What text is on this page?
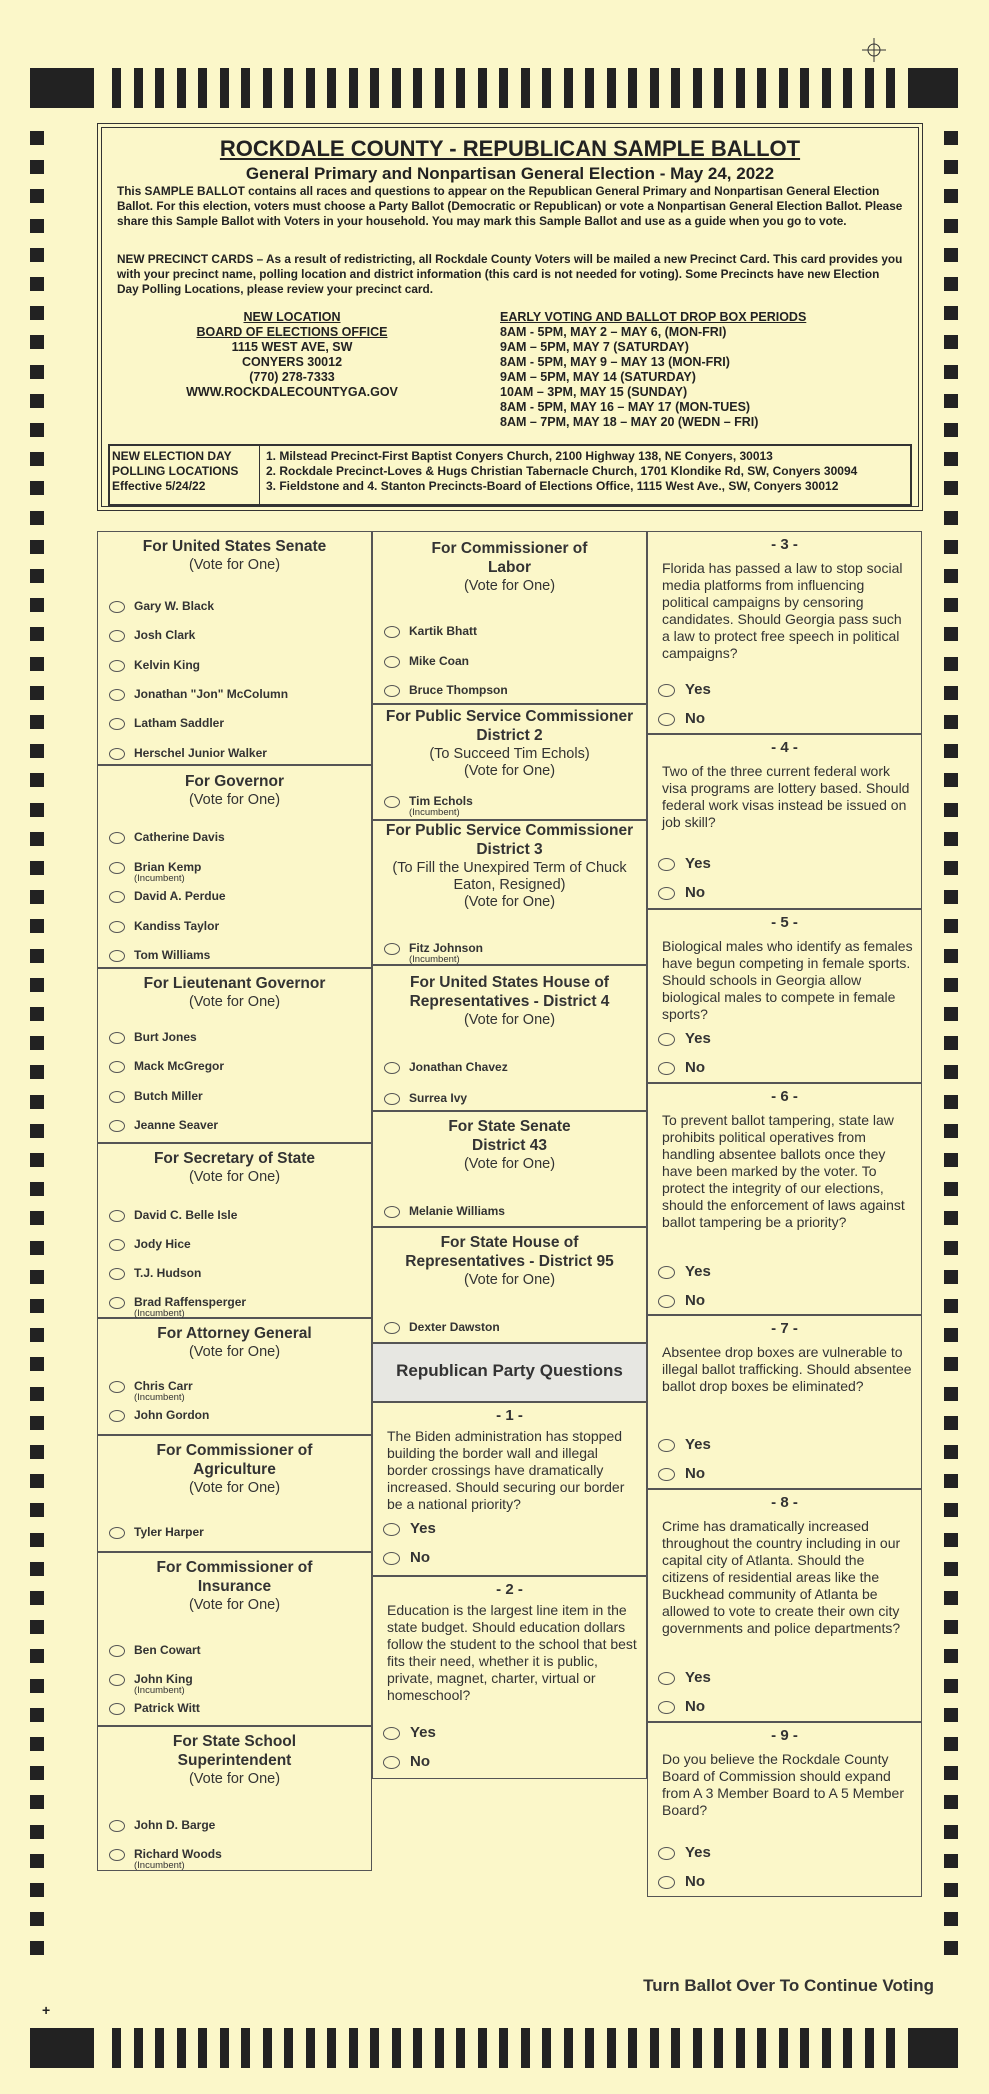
+
ROCKDALE COUNTY - REPUBLICAN SAMPLE BALLOT
General Primary and Nonpartisan General Election - May 24, 2022
This SAMPLE BALLOT contains all races and questions to appear on the Republican General Primary and Nonpartisan General Election Ballot. For this election, voters must choose a Party Ballot (Democratic or Republican) or vote a Nonpartisan General Election Ballot. Please share this Sample Ballot with Voters in your household. You may mark this Sample Ballot and use as a guide when you go to vote.
NEW PRECINCT CARDS – As a result of redistricting, all Rockdale County Voters will be mailed a new Precinct Card. This card provides you with your precinct name, polling location and district information (this card is not needed for voting). Some Precincts have new Election Day Polling Locations, please review your precinct card.
NEW LOCATION
BOARD OF ELECTIONS OFFICE
1115 WEST AVE, SW
CONYERS 30012
(770) 278-7333
WWW.ROCKDALECOUNTYGA.GOV
EARLY VOTING AND BALLOT DROP BOX PERIODS
8AM - 5PM, MAY 2 – MAY 6, (MON-FRI)
9AM – 5PM, MAY 7 (SATURDAY)
8AM - 5PM, MAY 9 – MAY 13 (MON-FRI)
9AM – 5PM, MAY 14 (SATURDAY)
10AM – 3PM, MAY 15 (SUNDAY)
8AM - 5PM, MAY 16 – MAY 17 (MON-TUES)
8AM – 7PM, MAY 18 – MAY 20 (WEDN – FRI)
NEW ELECTION DAY
POLLING LOCATIONS
Effective 5/24/22
1. Milstead Precinct-First Baptist Conyers Church, 2100 Highway 138, NE Conyers, 30013
2. Rockdale Precinct-Loves & Hugs Christian Tabernacle Church, 1701 Klondike Rd, SW, Conyers 30094
3. Fieldstone and 4. Stanton Precincts-Board of Elections Office, 1115 West Ave., SW, Conyers 30012
For United States Senate
(Vote for One)
Gary W. Black
Josh Clark
Kelvin King
Jonathan "Jon" McColumn
Latham Saddler
Herschel Junior Walker
For Governor
(Vote for One)
Catherine Davis
Brian Kemp
(Incumbent)
David A. Perdue
Kandiss Taylor
Tom Williams
For Lieutenant Governor
(Vote for One)
Burt Jones
Mack McGregor
Butch Miller
Jeanne Seaver
For Secretary of State
(Vote for One)
David C. Belle Isle
Jody Hice
T.J. Hudson
Brad Raffensperger
(Incumbent)
For Attorney General
(Vote for One)
Chris Carr
(Incumbent)
John Gordon
For Commissioner of
Agriculture
(Vote for One)
Tyler Harper
For Commissioner of
Insurance
(Vote for One)
Ben Cowart
John King
(Incumbent)
Patrick Witt
For State School
Superintendent
(Vote for One)
John D. Barge
Richard Woods
(Incumbent)
For Commissioner of
Labor
(Vote for One)
Kartik Bhatt
Mike Coan
Bruce Thompson
For Public Service Commissioner
District 2
(To Succeed Tim Echols)
(Vote for One)
Tim Echols
(Incumbent)
For Public Service Commissioner
District 3
(To Fill the Unexpired Term of Chuck
Eaton, Resigned)
(Vote for One)
Fitz Johnson
(Incumbent)
For United States House of
Representatives - District 4
(Vote for One)
Jonathan Chavez
Surrea Ivy
For State Senate
District 43
(Vote for One)
Melanie Williams
For State House of
Representatives - District 95
(Vote for One)
Dexter Dawston
Republican Party Questions
- 1 -
The Biden administration has stopped building the border wall and illegal border crossings have dramatically increased. Should securing our border be a national priority?
Yes
No
- 2 -
Education is the largest line item in the state budget. Should education dollars follow the student to the school that best fits their need, whether it is public, private, magnet, charter, virtual or homeschool?
Yes
No
- 3 -
Florida has passed a law to stop social media platforms from influencing political campaigns by censoring candidates. Should Georgia pass such a law to protect free speech in political campaigns?
Yes
No
- 4 -
Two of the three current federal work visa programs are lottery based. Should federal work visas instead be issued on job skill?
Yes
No
- 5 -
Biological males who identify as females have begun competing in female sports. Should schools in Georgia allow biological males to compete in female sports?
Yes
No
- 6 -
To prevent ballot tampering, state law prohibits political operatives from handling absentee ballots once they have been marked by the voter. To protect the integrity of our elections, should the enforcement of laws against ballot tampering be a priority?
Yes
No
- 7 -
Absentee drop boxes are vulnerable to illegal ballot trafficking. Should absentee ballot drop boxes be eliminated?
Yes
No
- 8 -
Crime has dramatically increased throughout the country including in our capital city of Atlanta. Should the citizens of residential areas like the Buckhead community of Atlanta be allowed to vote to create their own city governments and police departments?
Yes
No
- 9 -
Do you believe the Rockdale County Board of Commission should expand from A 3 Member Board to A 5 Member Board?
Yes
No
Turn Ballot Over To Continue Voting
